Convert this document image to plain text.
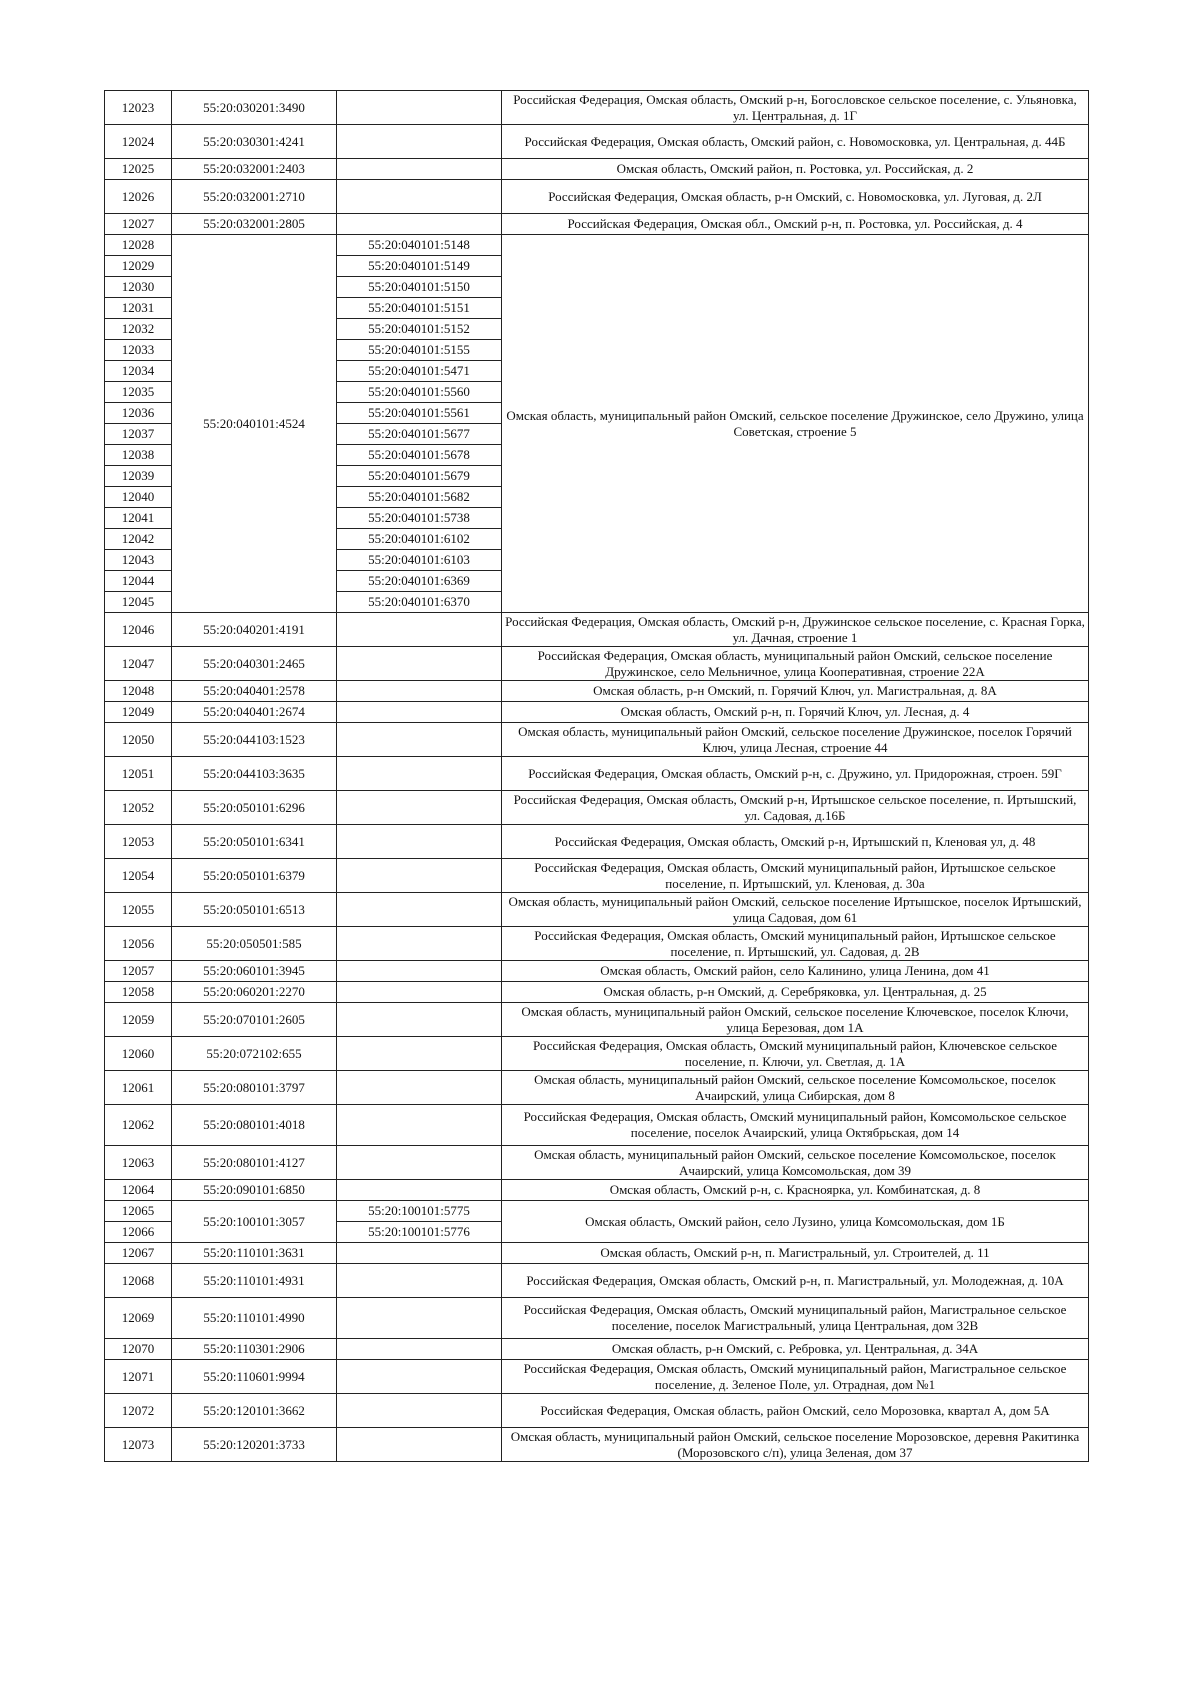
12023	55:20:030201:3490		Российская Федерация, Омская область, Омский р-н, Богословское сельское поселение, с. Ульяновка, ул. Центральная, д. 1Г
12024	55:20:030301:4241		Российская Федерация, Омская область, Омский район, с. Новомосковка, ул. Центральная, д. 44Б
12025	55:20:032001:2403		Омская область, Омский район, п. Ростовка, ул. Российская, д. 2
12026	55:20:032001:2710		Российская Федерация, Омская область, р-н Омский, с. Новомосковка, ул. Луговая, д. 2Л
12027	55:20:032001:2805		Российская Федерация, Омская обл., Омский р-н, п. Ростовка, ул. Российская, д. 4
12028	55:20:040101:4524	55:20:040101:5148	Омская область, муниципальный район Омский, сельское поселение Дружинское, село Дружино, улица Советская, строение 5
12029		55:20:040101:5149	
12030		55:20:040101:5150	
12031		55:20:040101:5151	
12032		55:20:040101:5152	
12033		55:20:040101:5155	
12034		55:20:040101:5471	
12035		55:20:040101:5560	
12036		55:20:040101:5561	
12037		55:20:040101:5677	
12038		55:20:040101:5678	
12039		55:20:040101:5679	
12040		55:20:040101:5682	
12041		55:20:040101:5738	
12042		55:20:040101:6102	
12043		55:20:040101:6103	
12044		55:20:040101:6369	
12045		55:20:040101:6370	
12046	55:20:040201:4191		Российская Федерация, Омская область, Омский р-н, Дружинское сельское поселение, с. Красная Горка, ул. Дачная, строение 1
12047	55:20:040301:2465		Российская Федерация, Омская область, муниципальный район Омский, сельское поселение Дружинское, село Мельничное, улица Кооперативная, строение 22А
12048	55:20:040401:2578		Омская область, р-н Омский, п. Горячий Ключ, ул. Магистральная, д. 8А
12049	55:20:040401:2674		Омская область, Омский р-н, п. Горячий Ключ, ул. Лесная, д. 4
12050	55:20:044103:1523		Омская область, муниципальный район Омский, сельское поселение Дружинское, поселок Горячий Ключ, улица Лесная, строение 44
12051	55:20:044103:3635		Российская Федерация, Омская область, Омский р-н, с. Дружино, ул. Придорожная, строен. 59Г
12052	55:20:050101:6296		Российская Федерация, Омская область, Омский р-н, Иртышское сельское поселение, п. Иртышский, ул. Садовая, д.16Б
12053	55:20:050101:6341		Российская Федерация, Омская область, Омский р-н, Иртышский п, Кленовая ул, д. 48
12054	55:20:050101:6379		Российская Федерация, Омская область, Омский муниципальный район, Иртышское сельское поселение, п. Иртышский, ул. Кленовая, д. 30а
12055	55:20:050101:6513		Омская область, муниципальный район Омский, сельское поселение Иртышское, поселок Иртышский, улица Садовая, дом 61
12056	55:20:050501:585		Российская Федерация, Омская область, Омский муниципальный район, Иртышское сельское поселение, п. Иртышский, ул. Садовая, д. 2В
12057	55:20:060101:3945		Омская область, Омский район, село Калинино, улица Ленина, дом 41
12058	55:20:060201:2270		Омская область, р-н Омский, д. Серебряковка, ул. Центральная, д. 25
12059	55:20:070101:2605		Омская область, муниципальный район Омский, сельское поселение Ключевское, поселок Ключи, улица Березовая, дом 1А
12060	55:20:072102:655		Российская Федерация, Омская область, Омский муниципальный район, Ключевское сельское поселение, п. Ключи, ул. Светлая, д. 1А
12061	55:20:080101:3797		Омская область, муниципальный район Омский, сельское поселение Комсомольское, поселок Ачаирский, улица Сибирская, дом 8
12062	55:20:080101:4018		Российская Федерация, Омская область, Омский муниципальный район, Комсомольское сельское поселение, поселок Ачаирский, улица Октябрьская, дом 14
12063	55:20:080101:4127		Омская область, муниципальный район Омский, сельское поселение Комсомольское, поселок Ачаирский, улица Комсомольская, дом 39
12064	55:20:090101:6850		Омская область, Омский р-н, с. Красноярка, ул. Комбинатская, д. 8
12065	55:20:100101:3057	55:20:100101:5775	Омская область, Омский район, село Лузино, улица Комсомольская, дом 1Б
12066		55:20:100101:5776	
12067	55:20:110101:3631		Омская область, Омский р-н, п. Магистральный, ул. Строителей, д. 11
12068	55:20:110101:4931		Российская Федерация, Омская область, Омский р-н, п. Магистральный, ул. Молодежная, д. 10А
12069	55:20:110101:4990		Российская Федерация, Омская область, Омский муниципальный район, Магистральное сельское поселение, поселок Магистральный, улица Центральная, дом 32В
12070	55:20:110301:2906		Омская область, р-н Омский, с. Ребровка, ул. Центральная, д. 34А
12071	55:20:110601:9994		Российская Федерация, Омская область, Омский муниципальный район, Магистральное сельское поселение, д. Зеленое Поле, ул. Отрадная, дом №1
12072	55:20:120101:3662		Российская Федерация, Омская область, район Омский, село Морозовка, квартал А, дом 5А
12073	55:20:120201:3733		Омская область, муниципальный район Омский, сельское поселение Морозовское, деревня Ракитинка (Морозовского с/п), улица Зеленая, дом 37
